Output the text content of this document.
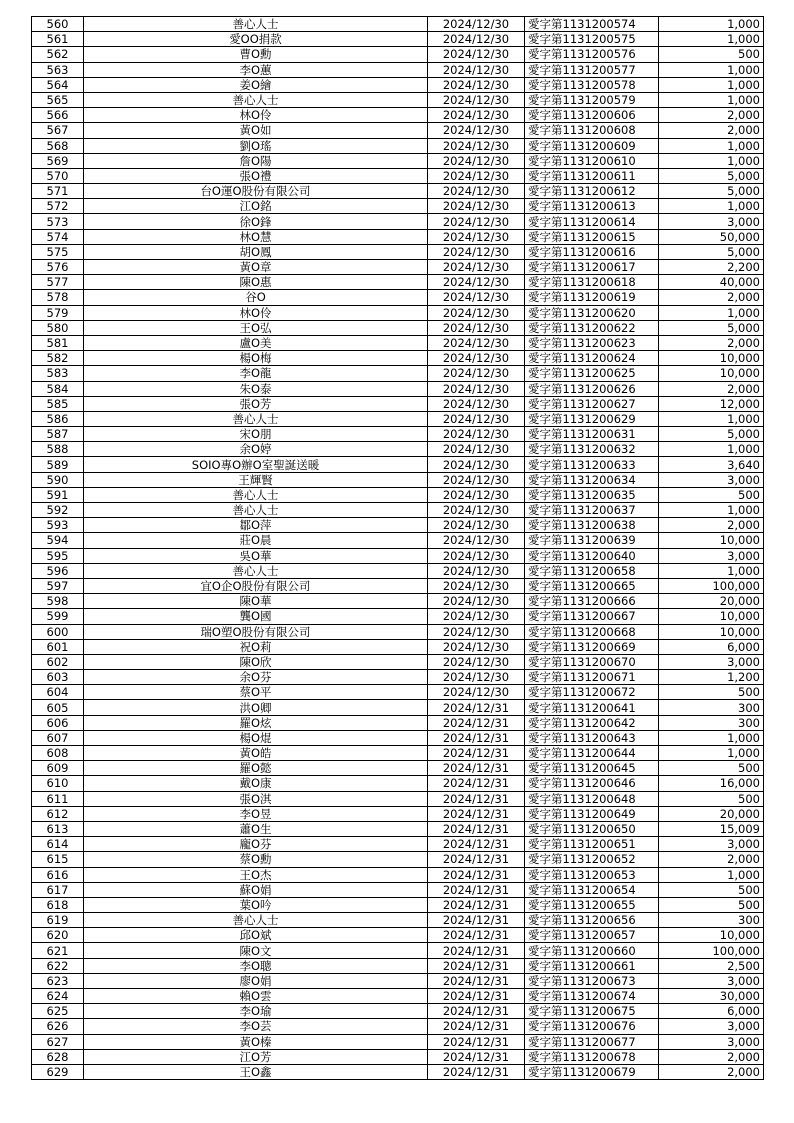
560	善心人士	2024/12/30	愛字第1131200574	1,000
561	愛OO捐款	2024/12/30	愛字第1131200575	1,000
562	曹O勳	2024/12/30	愛字第1131200576	500
563	李O蕙	2024/12/30	愛字第1131200577	1,000
564	姜O繪	2024/12/30	愛字第1131200578	1,000
565	善心人士	2024/12/30	愛字第1131200579	1,000
566	林O伶	2024/12/30	愛字第1131200606	2,000
567	黃O如	2024/12/30	愛字第1131200608	2,000
568	劉O瑤	2024/12/30	愛字第1131200609	1,000
569	詹O陽	2024/12/30	愛字第1131200610	1,000
570	張O禮	2024/12/30	愛字第1131200611	5,000
571	台O運O股份有限公司	2024/12/30	愛字第1131200612	5,000
572	江O銘	2024/12/30	愛字第1131200613	1,000
573	徐O鋒	2024/12/30	愛字第1131200614	3,000
574	林O慧	2024/12/30	愛字第1131200615	50,000
575	胡O鳳	2024/12/30	愛字第1131200616	5,000
576	黃O章	2024/12/30	愛字第1131200617	2,200
577	陳O惠	2024/12/30	愛字第1131200618	40,000
578	谷O	2024/12/30	愛字第1131200619	2,000
579	林O伶	2024/12/30	愛字第1131200620	1,000
580	王O弘	2024/12/30	愛字第1131200622	5,000
581	盧O美	2024/12/30	愛字第1131200623	2,000
582	楊O梅	2024/12/30	愛字第1131200624	10,000
583	李O龍	2024/12/30	愛字第1131200625	10,000
584	朱O泰	2024/12/30	愛字第1131200626	2,000
585	張O芳	2024/12/30	愛字第1131200627	12,000
586	善心人士	2024/12/30	愛字第1131200629	1,000
587	宋O朋	2024/12/30	愛字第1131200631	5,000
588	余O婷	2024/12/30	愛字第1131200632	1,000
589	SOIO專O辦O室聖誕送暖	2024/12/30	愛字第1131200633	3,640
590	王輝賢	2024/12/30	愛字第1131200634	3,000
591	善心人士	2024/12/30	愛字第1131200635	500
592	善心人士	2024/12/30	愛字第1131200637	1,000
593	鄒O萍	2024/12/30	愛字第1131200638	2,000
594	莊O晨	2024/12/30	愛字第1131200639	10,000
595	吳O華	2024/12/30	愛字第1131200640	3,000
596	善心人士	2024/12/30	愛字第1131200658	1,000
597	宜O企O股份有限公司	2024/12/30	愛字第1131200665	100,000
598	陳O華	2024/12/30	愛字第1131200666	20,000
599	龔O國	2024/12/30	愛字第1131200667	10,000
600	瑞O塑O股份有限公司	2024/12/30	愛字第1131200668	10,000
601	祝O莉	2024/12/30	愛字第1131200669	6,000
602	陳O欣	2024/12/30	愛字第1131200670	3,000
603	余O芬	2024/12/30	愛字第1131200671	1,200
604	蔡O平	2024/12/30	愛字第1131200672	500
605	洪O卿	2024/12/31	愛字第1131200641	300
606	羅O炫	2024/12/31	愛字第1131200642	300
607	楊O焜	2024/12/31	愛字第1131200643	1,000
608	黃O皓	2024/12/31	愛字第1131200644	1,000
609	羅O懿	2024/12/31	愛字第1131200645	500
610	戴O康	2024/12/31	愛字第1131200646	16,000
611	張O淇	2024/12/31	愛字第1131200648	500
612	李O昱	2024/12/31	愛字第1131200649	20,000
613	蕭O生	2024/12/31	愛字第1131200650	15,009
614	龐O芬	2024/12/31	愛字第1131200651	3,000
615	蔡O勳	2024/12/31	愛字第1131200652	2,000
616	王O杰	2024/12/31	愛字第1131200653	1,000
617	蘇O娟	2024/12/31	愛字第1131200654	500
618	葉O吟	2024/12/31	愛字第1131200655	500
619	善心人士	2024/12/31	愛字第1131200656	300
620	邱O斌	2024/12/31	愛字第1131200657	10,000
621	陳O文	2024/12/31	愛字第1131200660	100,000
622	李O聰	2024/12/31	愛字第1131200661	2,500
623	廖O娟	2024/12/31	愛字第1131200673	3,000
624	賴O雲	2024/12/31	愛字第1131200674	30,000
625	李O瑜	2024/12/31	愛字第1131200675	6,000
626	李O芸	2024/12/31	愛字第1131200676	3,000
627	黃O榛	2024/12/31	愛字第1131200677	3,000
628	江O芳	2024/12/31	愛字第1131200678	2,000
629	王O鑫	2024/12/31	愛字第1131200679	2,000
